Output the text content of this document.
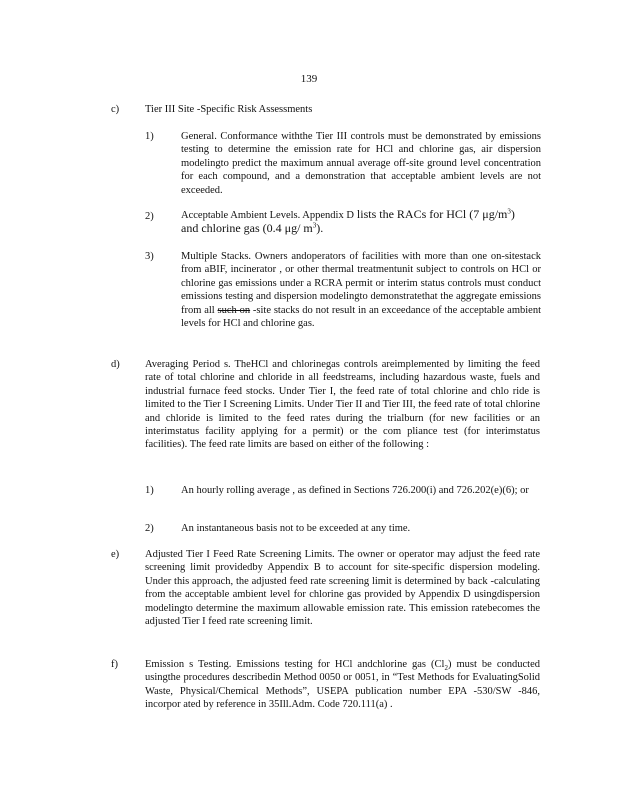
139
c) Tier III Site -Specific Risk Assessments
1)	General. Conformance withthe Tier III controls must be demonstrated by emissions testing to determine the emission rate for HCl and chlorine gas, air dispersion modelingto predict the maximum annual average off-site ground level concentration for each compound, and a demonstration that acceptable ambient levels are not exceeded.
2)	Acceptable Ambient Levels. Appendix D lists the RACs for HCl (7 $\mu g/m^3$)
and chlorine gas (0.4 μg/ $m^3$).
3)	Multiple Stacks. Owners andoperators of facilities with more than one on-sitestack from aBIF, incinerator , or other thermal treatmentunit subject to controls on HCl or chlorine gas emissions under a RCRA permit or interim status controls must conduct emissions testing and dispersion modelingto demonstratethat the aggregate emissions from all such on -site stacks do not result in an exceedance of the acceptable ambient levels for HCl and chlorine gas.
d) Averaging Period s. TheHCl and chlorinegas controls areimplemented by limiting the feed rate of total chlorine and chloride in all feedstreams, including hazardous waste, fuels and industrial furnace feed stocks. Under Tier I, the feed rate of total chlorine and chlo ride is limited to the Tier I Screening Limits. Under Tier II and Tier III, the feed rate of total chlorine and chloride is limited to the feed rates during the trialburn (for new facilities or an interimstatus facility applying for a permit) or the com pliance test (for interimstatus facilities). The feed rate limits are based on either of the following :
1)	An hourly rolling average , as defined in Sections 726.200(i) and 726.202(e)(6); or
2)	An instantaneous basis not to be exceeded at any time.
e) Adjusted Tier I Feed Rate Screening Limits. The owner or operator may adjust the feed rate screening limit providedby Appendix B to account for site-specific dispersion modeling. Under this approach, the adjusted feed rate screening limit is determined by back -calculating from the acceptable ambient level for chlorine gas provided by Appendix D usingdispersion modelingto determine the maximum allowable emission rate. This emission ratebecomes the adjusted Tier I feed rate screening limit.
f)	Emission s Testing. Emissions testing for HCl andchlorine gas $(Cl_2)$ must be conducted usingthe procedures describedin Method 0050 or 0051, in “Test Methods for EvaluatingSolid Waste, Physical/Chemical Methods”, USEPA publication number EPA -530/SW -846, incorpor ated by reference in 35Ill.Adm. Code 720.111(a) .
